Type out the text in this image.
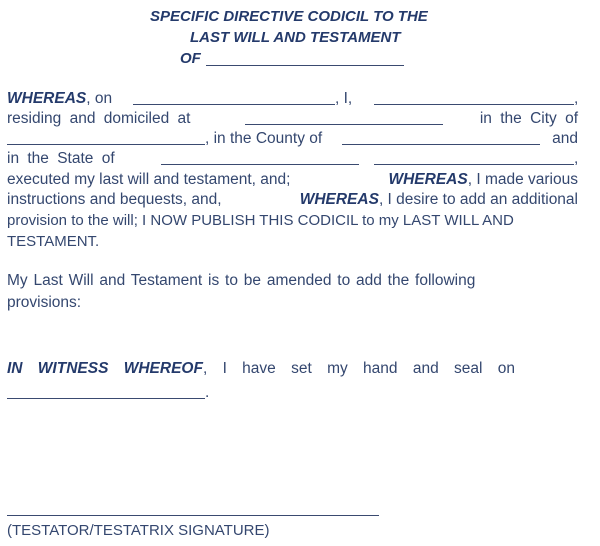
SPECIFIC DIRECTIVE CODICIL TO THE
LAST WILL AND TESTAMENT
OF
WHEREAS, on	, I,	,
residing and domiciled at	in the City of
, in the County of	and
in the State of	,
executed my last will and testament, and;	WHEREAS, I made various
instructions and bequests, and,	WHEREAS, I desire to add an additional
provision to the will; I NOW PUBLISH THIS CODICIL to my LAST WILL AND
TESTAMENT.
My Last Will and Testament is to be amended to add the following
provisions:
IN WITNESS WHEREOF, I have set my hand and seal on
.
(TESTATOR/TESTATRIX SIGNATURE)
